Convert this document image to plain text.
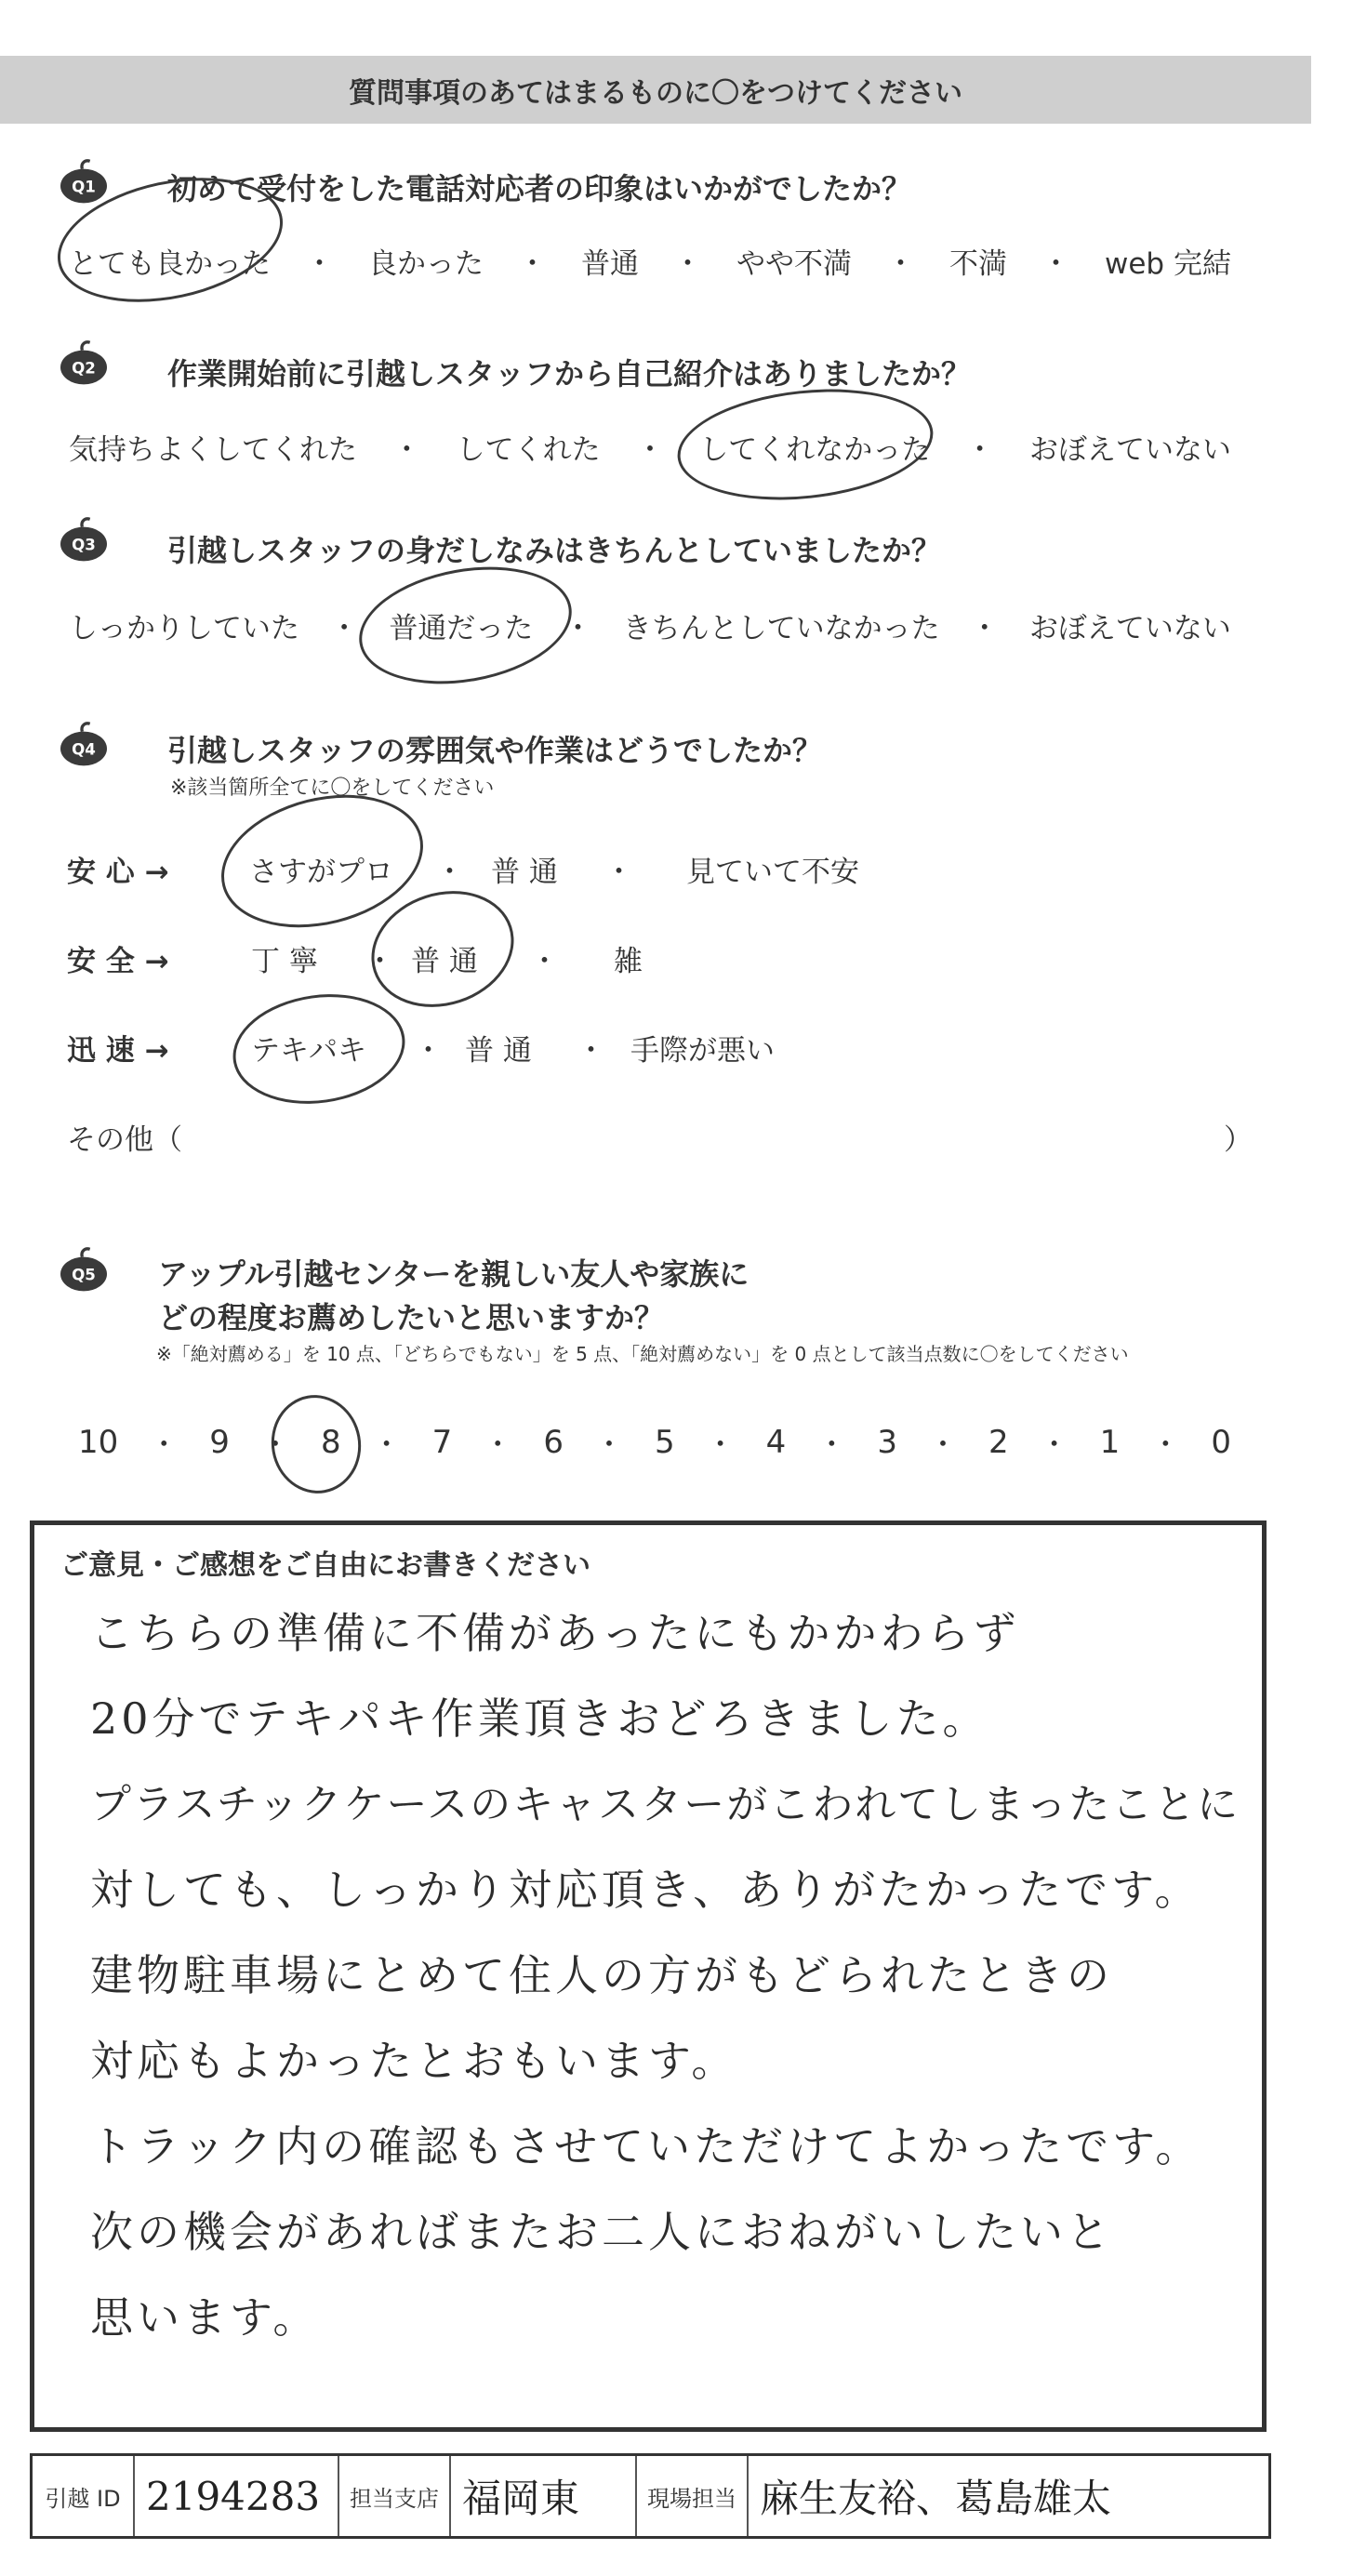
質問事項のあてはまるものに〇をつけてください
Q1 初めて受付をした電話対応者の印象はいかがでしたか？
とても良かった ・ 良かった ・ 普通 ・ やや不満 ・ 不満 ・ web 完結
Q2 作業開始前に引越しスタッフから自己紹介はありましたか？
気持ちよくしてくれた ・ してくれた ・ してくれなかった ・ おぼえていない
Q3 引越しスタッフの身だしなみはきちんとしていましたか？
しっかりしていた ・ 普通だった ・ きちんとしていなかった ・ おぼえていない
Q4 引越しスタッフの雰囲気や作業はどうでしたか？
※該当箇所全てに〇をしてください
安 心 →	さすがプロ ・ 普 通 ・ 見ていて不安
安 全 →	丁 寧 ・ 普 通 ・ 雑
迅 速 →	テキパキ ・ 普 通 ・ 手際が悪い
その他（	）
Q5 アップル引越センターを親しい友人や家族に
どの程度お薦めしたいと思いますか？
※「絶対薦める」を 10 点、「どちらでもない」を 5 点、「絶対薦めない」を 0 点として該当点数に〇をしてください
10 ・ 9 ・ 8 ・ 7 ・ 6 ・ 5 ・ 4 ・ 3 ・ 2 ・ 1 ・ 0
ご意見・ご感想をご自由にお書きください
こちらの準備に不備があったにもかかわらず
20分でテキパキ作業頂きおどろきました。
プラスチックケースのキャスターがこわれてしまったことに
対しても、しっかり対応頂き、ありがたかったです。
建物駐車場にとめて住人の方がもどられたときの
対応もよかったとおもいます。
トラック内の確認もさせていただけてよかったです。
次の機会があればまたお二人におねがいしたいと
思います。
引越 ID 2194283 担当支店 福岡東	現場担当 麻生友裕、葛島雄太
